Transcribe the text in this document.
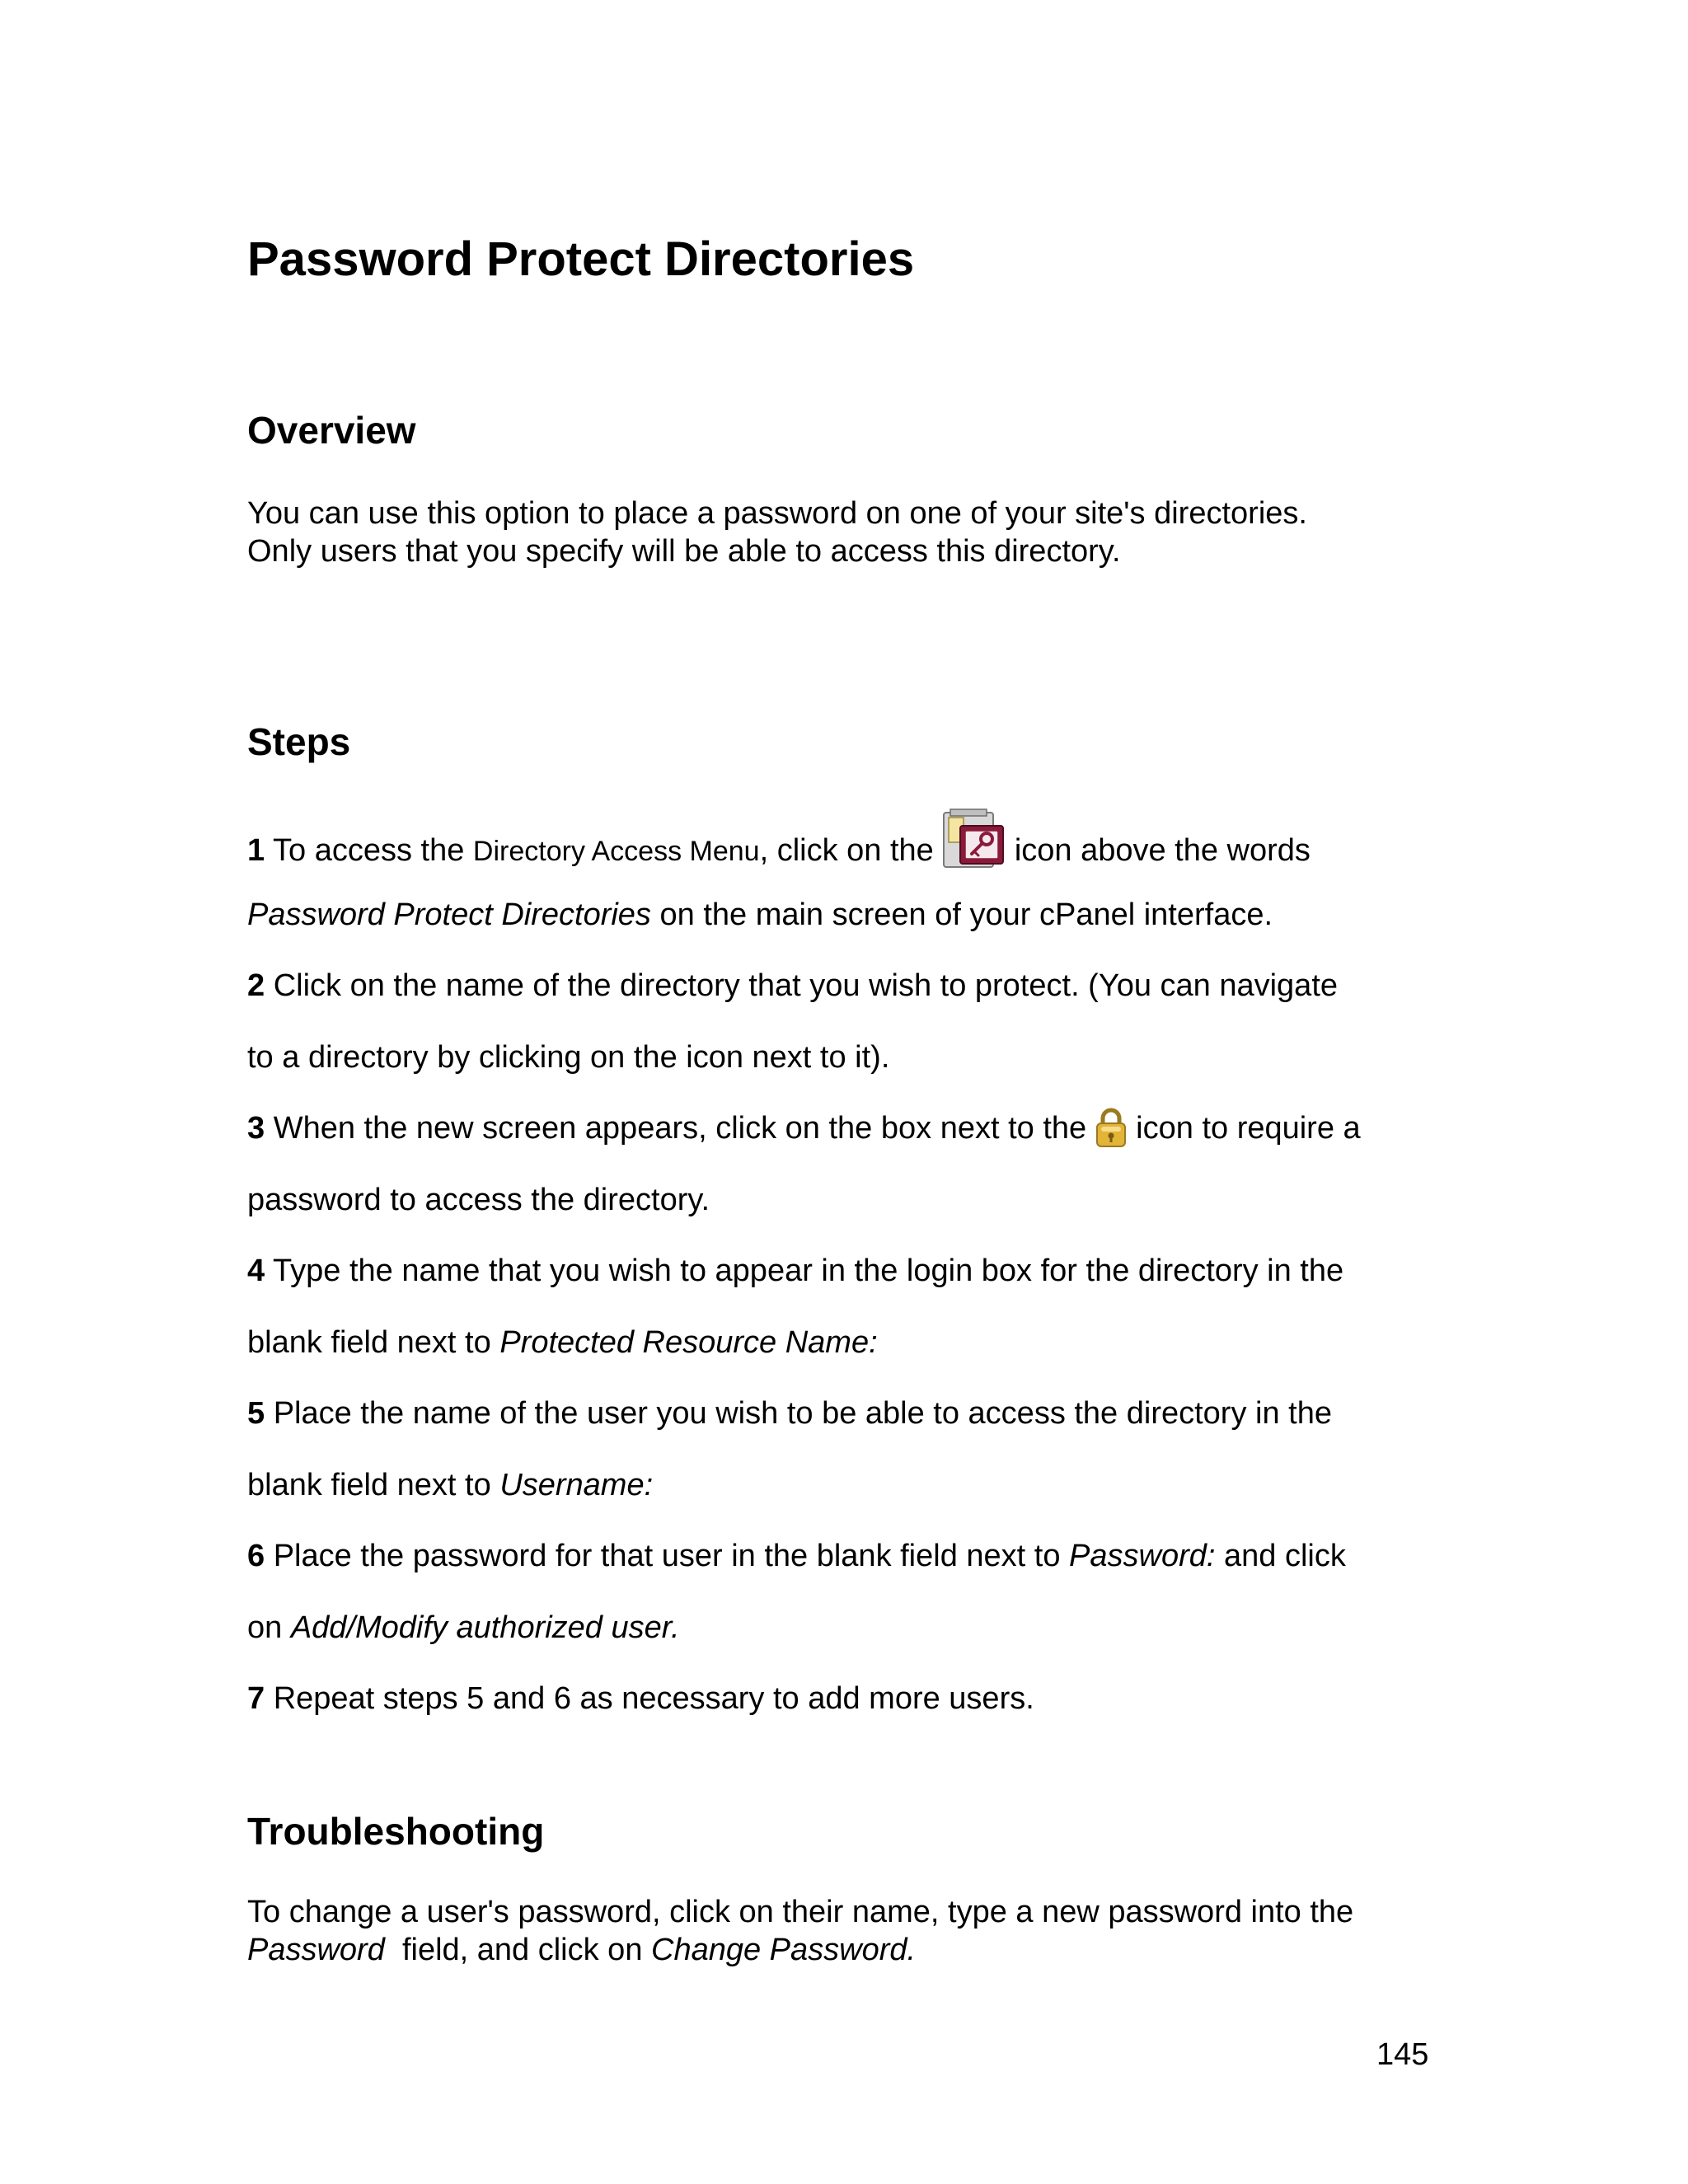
Password Protect Directories
Overview

You can use this option to place a password on one of your site's directories.
Only users that you specify will be able to access this directory.

Steps
1 To access the Directory Access Menu, click on the	icon above the words
Password Protect Directories on the main screen of your cPanel interface.
2 Click on the name of the directory that you wish to protect. (You can navigate
to a directory by clicking on the icon next to it).
3 When the new screen appears, click on the box next to the icon to require a
password to access the directory.
4 Type the name that you wish to appear in the login box for the directory in the
blank field next to Protected Resource Name:
5 Place the name of the user you wish to be able to access the directory in the
blank field next to Username:
6 Place the password for that user in the blank field next to Password: and click
on Add/Modify authorized user.
7 Repeat steps 5 and 6 as necessary to add more users.
Troubleshooting

To change a user's password, click on their name, type a new password into the
Password  field, and click on Change Password.

145
